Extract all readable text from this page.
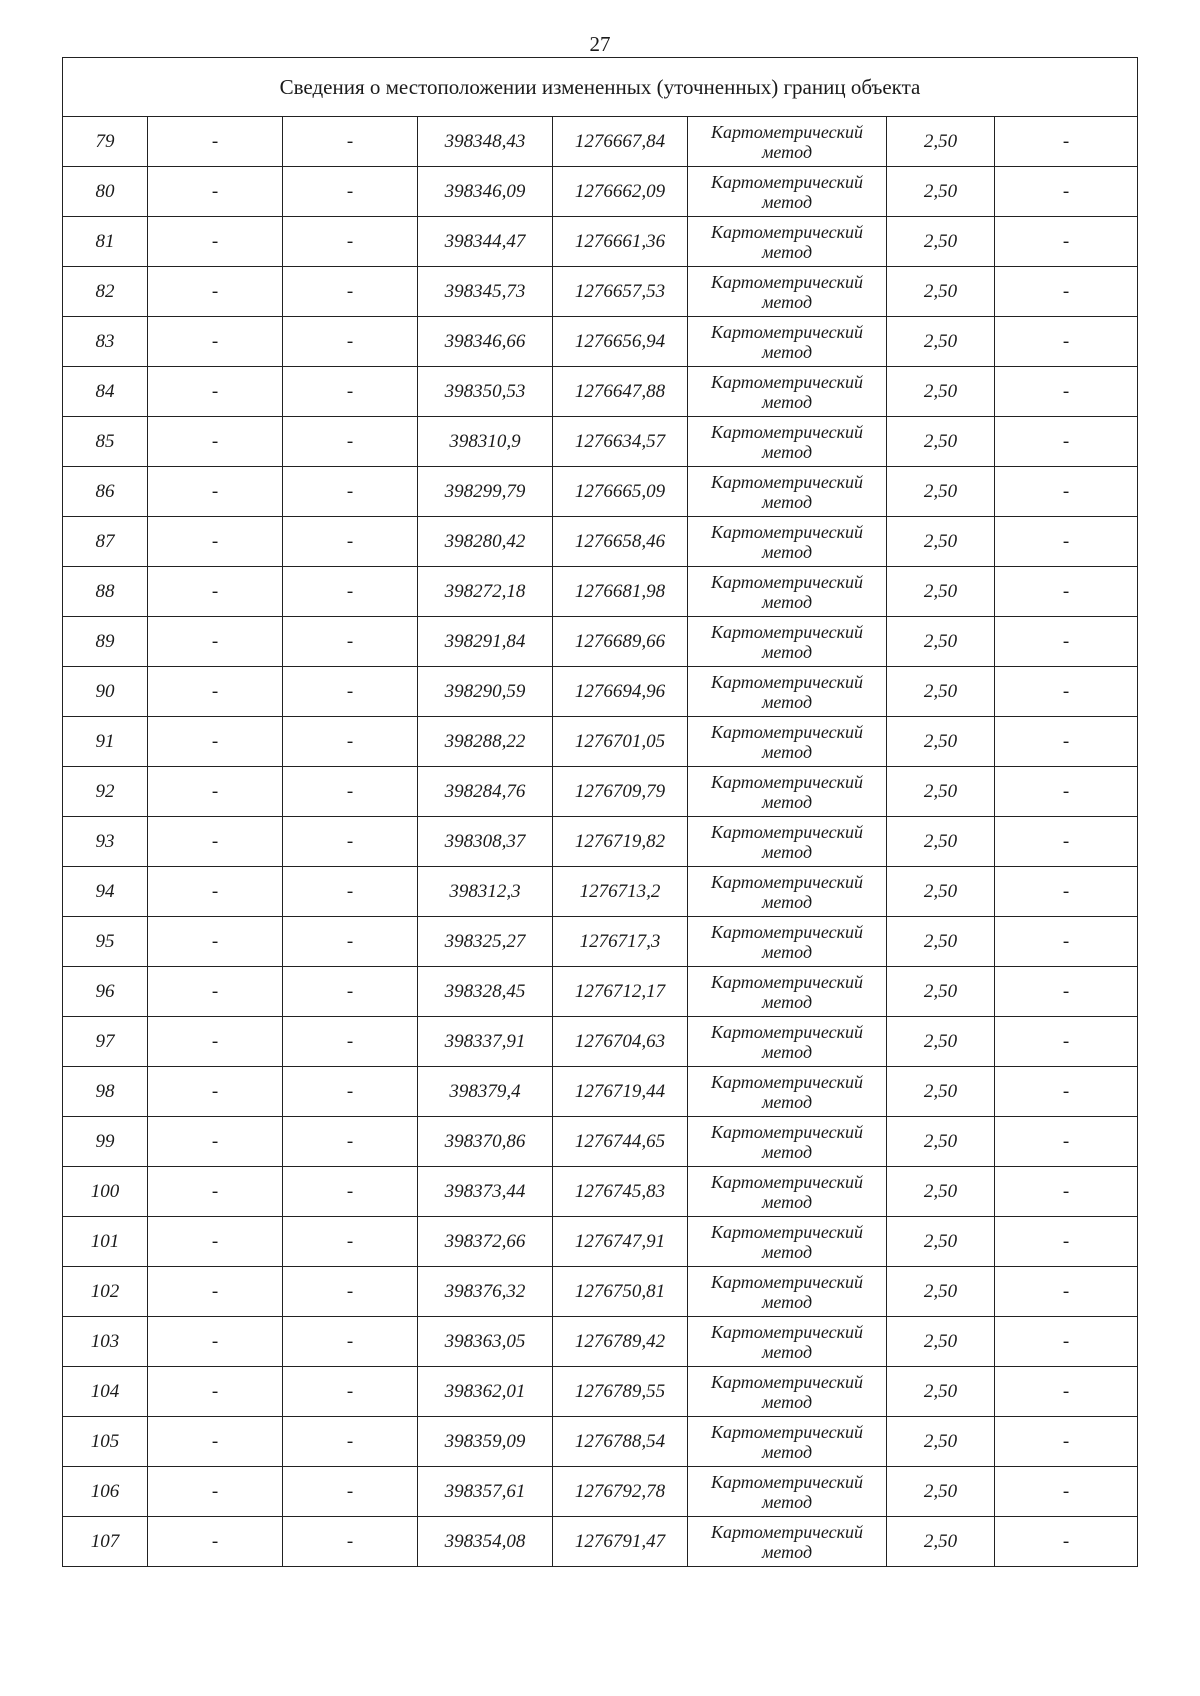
27
Сведения о местоположении измененных (уточненных) границ объекта							
79	-	-	398348,43	1276667,84	Картометрический метод	2,50	-
80	-	-	398346,09	1276662,09	Картометрический метод	2,50	-
81	-	-	398344,47	1276661,36	Картометрический метод	2,50	-
82	-	-	398345,73	1276657,53	Картометрический метод	2,50	-
83	-	-	398346,66	1276656,94	Картометрический метод	2,50	-
84	-	-	398350,53	1276647,88	Картометрический метод	2,50	-
85	-	-	398310,9	1276634,57	Картометрический метод	2,50	-
86	-	-	398299,79	1276665,09	Картометрический метод	2,50	-
87	-	-	398280,42	1276658,46	Картометрический метод	2,50	-
88	-	-	398272,18	1276681,98	Картометрический метод	2,50	-
89	-	-	398291,84	1276689,66	Картометрический метод	2,50	-
90	-	-	398290,59	1276694,96	Картометрический метод	2,50	-
91	-	-	398288,22	1276701,05	Картометрический метод	2,50	-
92	-	-	398284,76	1276709,79	Картометрический метод	2,50	-
93	-	-	398308,37	1276719,82	Картометрический метод	2,50	-
94	-	-	398312,3	1276713,2	Картометрический метод	2,50	-
95	-	-	398325,27	1276717,3	Картометрический метод	2,50	-
96	-	-	398328,45	1276712,17	Картометрический метод	2,50	-
97	-	-	398337,91	1276704,63	Картометрический метод	2,50	-
98	-	-	398379,4	1276719,44	Картометрический метод	2,50	-
99	-	-	398370,86	1276744,65	Картометрический метод	2,50	-
100	-	-	398373,44	1276745,83	Картометрический метод	2,50	-
101	-	-	398372,66	1276747,91	Картометрический метод	2,50	-
102	-	-	398376,32	1276750,81	Картометрический метод	2,50	-
103	-	-	398363,05	1276789,42	Картометрический метод	2,50	-
104	-	-	398362,01	1276789,55	Картометрический метод	2,50	-
105	-	-	398359,09	1276788,54	Картометрический метод	2,50	-
106	-	-	398357,61	1276792,78	Картометрический метод	2,50	-
107	-	-	398354,08	1276791,47	Картометрический метод	2,50	-
